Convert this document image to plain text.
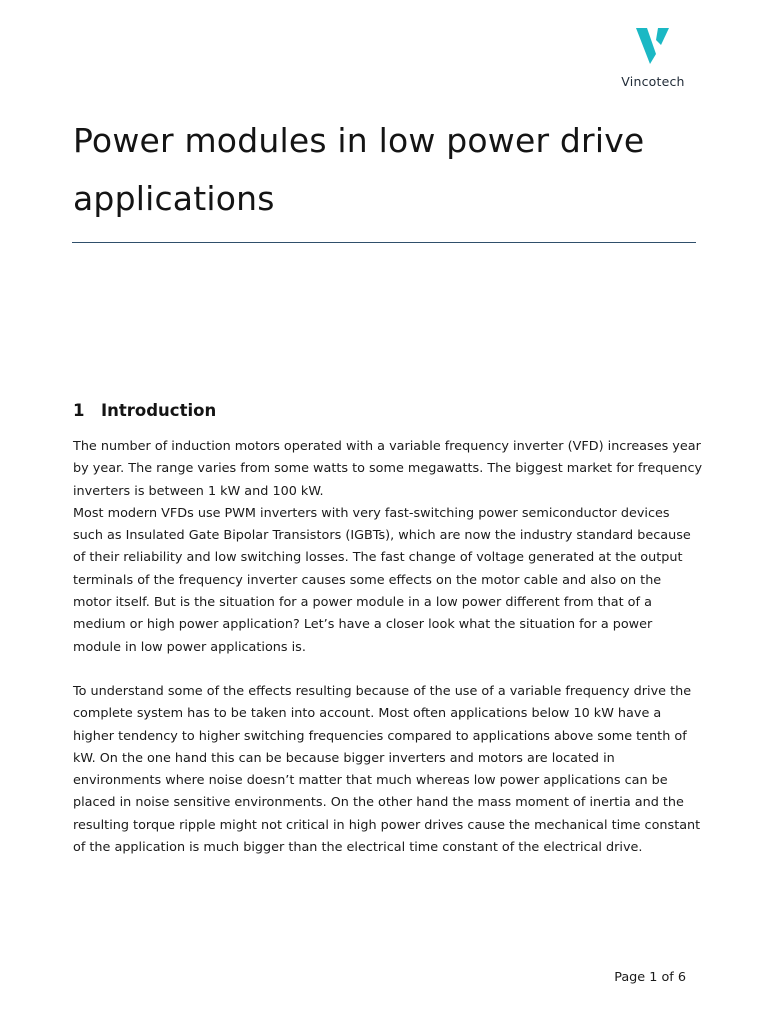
Vincotech
Power modules in low power drive applications
1 Introduction

The number of induction motors operated with a variable frequency inverter (VFD) increases year by year. The range varies from some watts to some megawatts. The biggest market for frequency inverters is between 1 kW and 100 kW.

Most modern VFDs use PWM inverters with very fast-switching power semiconductor devices such as Insulated Gate Bipolar Transistors (IGBTs), which are now the industry standard because of their reliability and low switching losses. The fast change of voltage generated at the output terminals of the frequency inverter causes some effects on the motor cable and also on the motor itself. But is the situation for a power module in a low power different from that of a medium or high power application? Let’s have a closer look what the situation for a power module in low power applications is.

To understand some of the effects resulting because of the use of a variable frequency drive the complete system has to be taken into account. Most often applications below 10 kW have a higher tendency to higher switching frequencies compared to applications above some tenth of kW. On the one hand this can be because bigger inverters and motors are located in environments where noise doesn’t matter that much whereas low power applications can be placed in noise sensitive environments. On the other hand the mass moment of inertia and the resulting torque ripple might not critical in high power drives cause the mechanical time constant of the application is much bigger than the electrical time constant of the electrical drive.

Page 1 of 6
